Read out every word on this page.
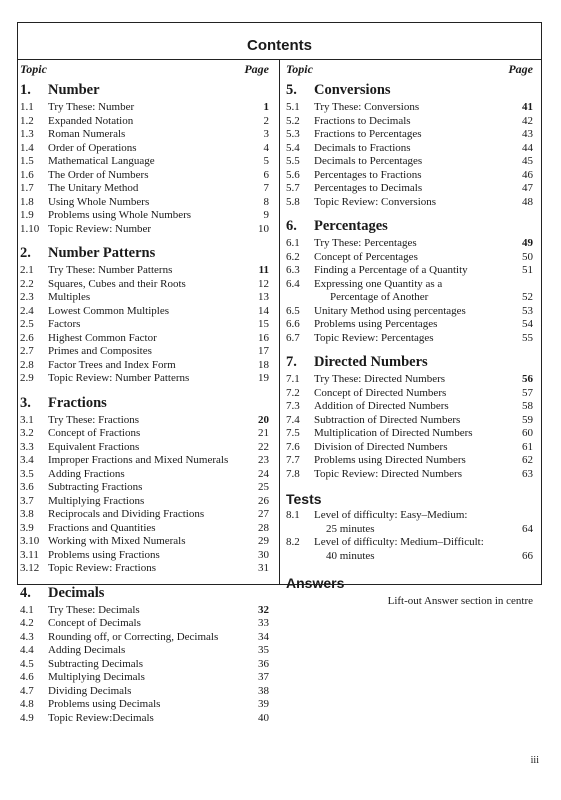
Contents
Topic	Page
1. Number
1.1 Try These: Number	1
1.2 Expanded Notation	2
1.3 Roman Numerals	3
1.4 Order of Operations	4
1.5 Mathematical Language	5
1.6 The Order of Numbers	6
1.7 The Unitary Method	7
1.8 Using Whole Numbers	8
1.9 Problems using Whole Numbers	9
1.10 Topic Review: Number	10
2. Number Patterns
2.1 Try These: Number Patterns	11
2.2 Squares, Cubes and their Roots	12
2.3 Multiples	13
2.4 Lowest Common Multiples	14
2.5 Factors	15
2.6 Highest Common Factor	16
2.7 Primes and Composites	17
2.8 Factor Trees and Index Form	18
2.9 Topic Review: Number Patterns	19
3. Fractions
3.1 Try These: Fractions	20
3.2 Concept of Fractions	21
3.3 Equivalent Fractions	22
3.4 Improper Fractions and Mixed Numerals	23
3.5 Adding Fractions	24
3.6 Subtracting Fractions	25
3.7 Multiplying Fractions	26
3.8 Reciprocals and Dividing Fractions	27
3.9 Fractions and Quantities	28
3.10 Working with Mixed Numerals	29
3.11 Problems using Fractions	30
3.12 Topic Review: Fractions	31
4. Decimals
4.1 Try These: Decimals	32
4.2 Concept of Decimals	33
4.3 Rounding off, or Correcting, Decimals	34
4.4 Adding Decimals	35
4.5 Subtracting Decimals	36
4.6 Multiplying Decimals	37
4.7 Dividing Decimals	38
4.8 Problems using Decimals	39
4.9 Topic Review:Decimals	40
Topic	Page
5. Conversions
5.1 Try These: Conversions	41
5.2 Fractions to Decimals	42
5.3 Fractions to Percentages	43
5.4 Decimals to Fractions	44
5.5 Decimals to Percentages	45
5.6 Percentages to Fractions	46
5.7 Percentages to Decimals	47
5.8 Topic Review: Conversions	48
6. Percentages
6.1 Try These: Percentages	49
6.2 Concept of Percentages	50
6.3 Finding a Percentage of a Quantity	51
6.4 Expressing one Quantity as a
Percentage of Another	52
6.5 Unitary Method using percentages	53
6.6 Problems using Percentages	54
6.7 Topic Review: Percentages	55
7. Directed Numbers
7.1 Try These: Directed Numbers	56
7.2 Concept of Directed Numbers	57
7.3 Addition of Directed Numbers	58
7.4 Subtraction of Directed Numbers	59
7.5 Multiplication of Directed Numbers	60
7.6 Division of Directed Numbers	61
7.7 Problems using Directed Numbers	62
7.8 Topic Review: Directed Numbers	63
Tests
8.1 Level of difficulty: Easy–Medium:
25 minutes	64
8.2 Level of difficulty: Medium–Difficult:
40 minutes	66
Answers
Lift-out Answer section in centre
iii
